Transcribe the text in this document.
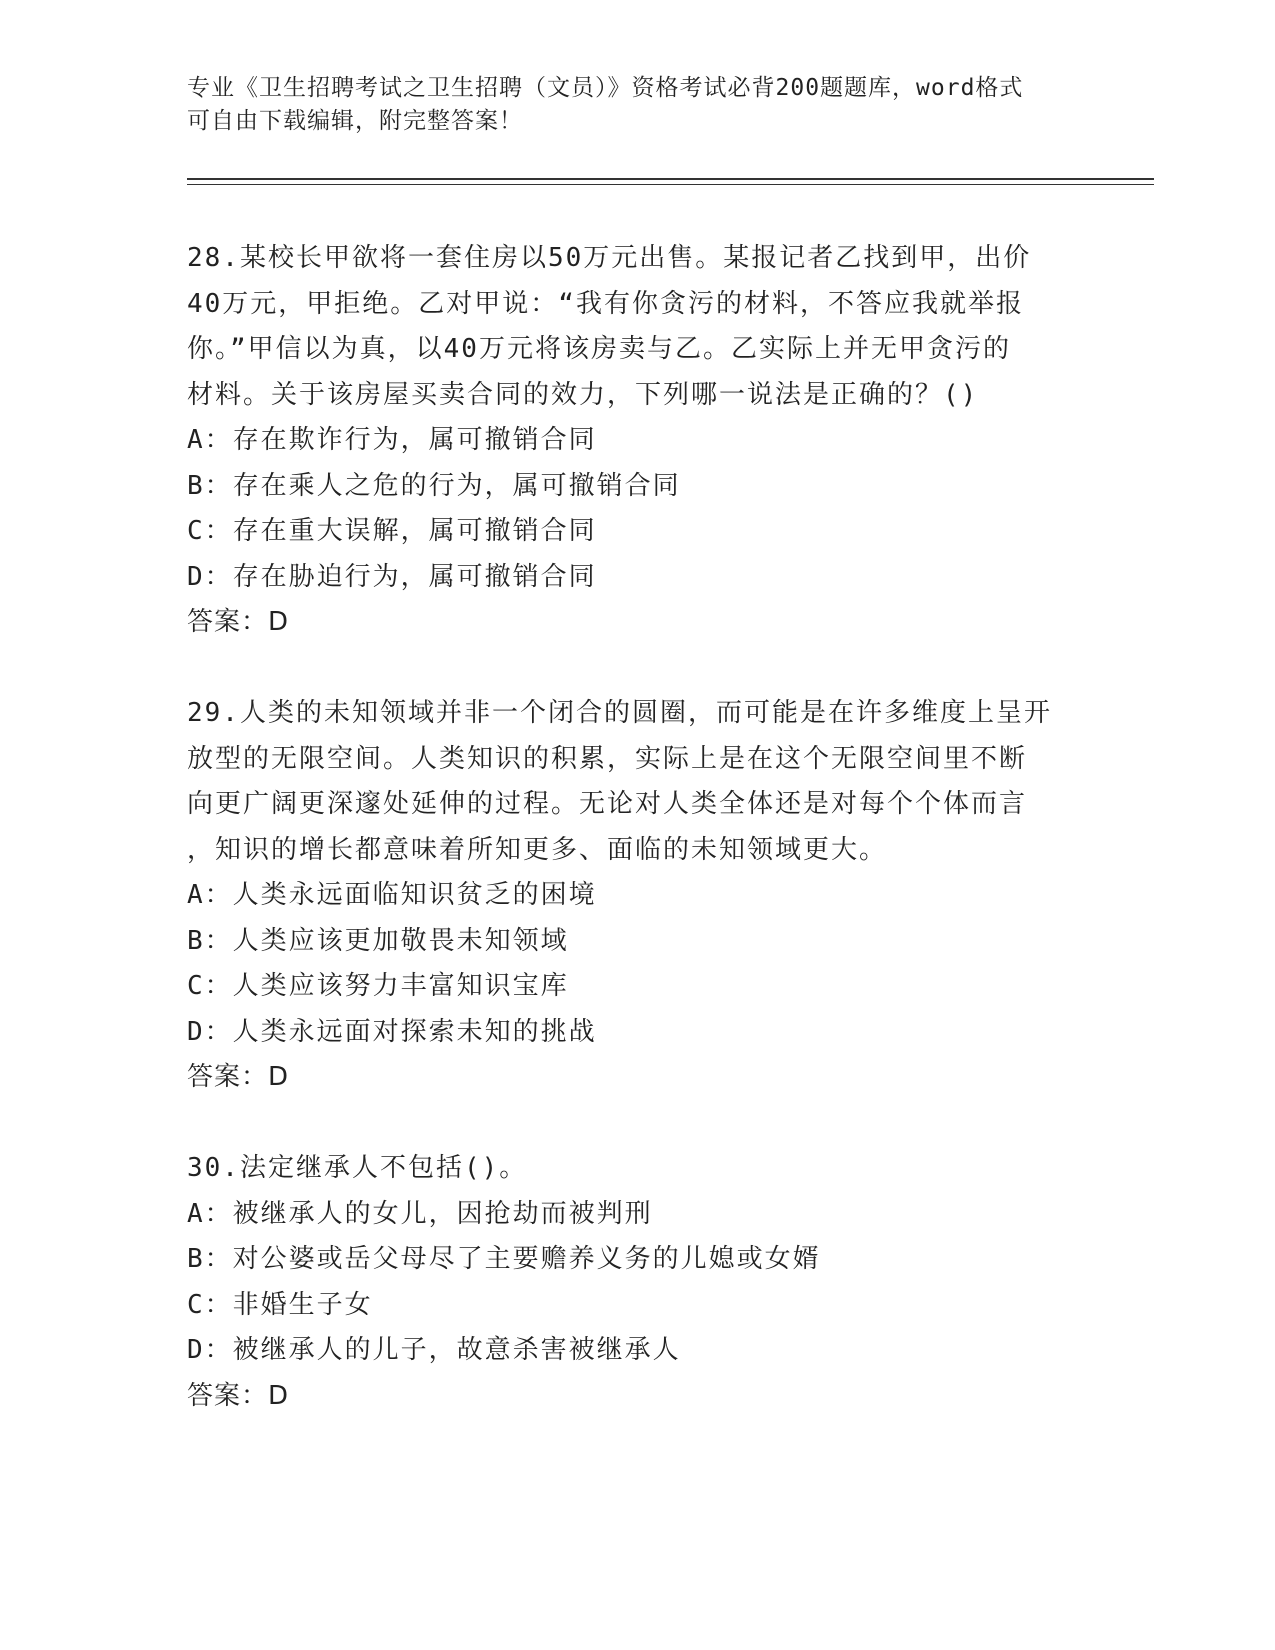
专业《卫生招聘考试之卫生招聘（文员）》资格考试必背200题题库，word格式

可自由下载编辑，附完整答案！

28.某校长甲欲将一套住房以50万元出售。某报记者乙找到甲，出价
40万元，甲拒绝。乙对甲说：“我有你贪污的材料，不答应我就举报
你。”甲信以为真，以40万元将该房卖与乙。乙实际上并无甲贪污的
材料。关于该房屋买卖合同的效力，下列哪一说法是正确的？()
A：存在欺诈行为，属可撤销合同
B：存在乘人之危的行为，属可撤销合同
C：存在重大误解，属可撤销合同
D：存在胁迫行为，属可撤销合同
答案：D
29.人类的未知领域并非一个闭合的圆圈，而可能是在许多维度上呈开
放型的无限空间。人类知识的积累，实际上是在这个无限空间里不断
向更广阔更深邃处延伸的过程。无论对人类全体还是对每个个体而言
，知识的增长都意味着所知更多、面临的未知领域更大。
A：人类永远面临知识贫乏的困境
B：人类应该更加敬畏未知领域
C：人类应该努力丰富知识宝库
D：人类永远面对探索未知的挑战
答案：D
30.法定继承人不包括()。
A：被继承人的女儿，因抢劫而被判刑
B：对公婆或岳父母尽了主要赡养义务的儿媳或女婿
C：非婚生子女
D：被继承人的儿子，故意杀害被继承人
答案：D
